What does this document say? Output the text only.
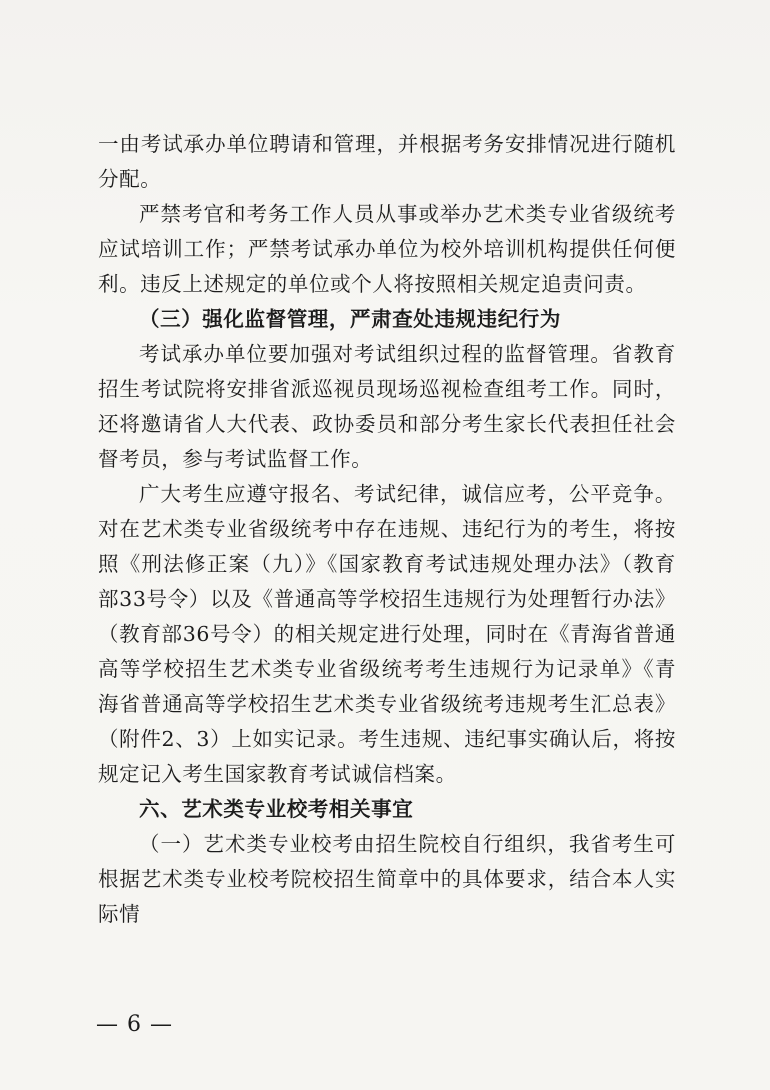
一由考试承办单位聘请和管理，并根据考务安排情况进行随机分配。

严禁考官和考务工作人员从事或举办艺术类专业省级统考应试培训工作；严禁考试承办单位为校外培训机构提供任何便利。违反上述规定的单位或个人将按照相关规定追责问责。

（三）强化监督管理，严肃查处违规违纪行为

考试承办单位要加强对考试组织过程的监督管理。省教育招生考试院将安排省派巡视员现场巡视检查组考工作。同时，还将邀请省人大代表、政协委员和部分考生家长代表担任社会督考员，参与考试监督工作。

广大考生应遵守报名、考试纪律，诚信应考，公平竞争。对在艺术类专业省级统考中存在违规、违纪行为的考生，将按照《刑法修正案（九）》《国家教育考试违规处理办法》（教育部33号令）以及《普通高等学校招生违规行为处理暂行办法》（教育部36号令）的相关规定进行处理，同时在《青海省普通高等学校招生艺术类专业省级统考考生违规行为记录单》《青海省普通高等学校招生艺术类专业省级统考违规考生汇总表》（附件2、3）上如实记录。考生违规、违纪事实确认后，将按规定记入考生国家教育考试诚信档案。

六、艺术类专业校考相关事宜

（一）艺术类专业校考由招生院校自行组织，我省考生可根据艺术类专业校考院校招生简章中的具体要求，结合本人实际情

— 6 —
